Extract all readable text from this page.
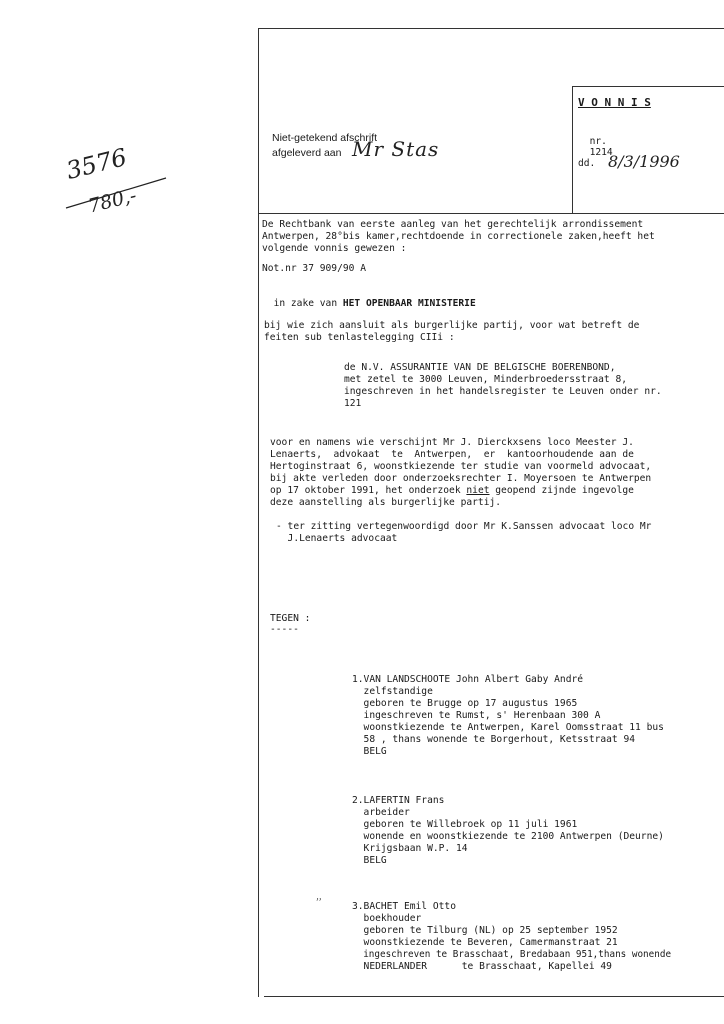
3576
780,-
Niet-getekend afschrift
afgeleverd aan Mr Stas
V O N N I S

nr.
1214

dd. 8/3/1996
De Rechtbank van eerste aanleg van het gerechtelijk arrondissement
Antwerpen, 28°bis kamer,rechtdoende in correctionele zaken,heeft het
volgende vonnis gewezen :
Not.nr 37 909/90 A

in zake van HET OPENBAAR MINISTERIE

bij wie zich aansluit als burgerlijke partij, voor wat betreft de
feiten sub tenlastelegging CIIi :
de N.V. ASSURANTIE VAN DE BELGISCHE BOERENBOND,
met zetel te 3000 Leuven, Minderbroedersstraat 8,
ingeschreven in het handelsregister te Leuven onder nr.
121
voor en namens wie verschijnt Mr J. Dierckxsens loco Meester J.
Lenaerts,  advokaat  te  Antwerpen,  er  kantoorhoudende aan de
Hertoginstraat 6, woonstkiezende ter studie van voormeld advocaat,
bij akte verleden door onderzoeksrechter I. Moyersoen te Antwerpen
op 17 oktober 1991, het onderzoek niet geopend zijnde ingevolge
deze aanstelling als burgerlijke partij.
- ter zitting vertegenwoordigd door Mr K.Sanssen advocaat loco Mr
J.Lenaerts advocaat
TEGEN :
-----
1.VAN LANDSCHOOTE John Albert Gaby André
zelfstandige
geboren te Brugge op 17 augustus 1965
ingeschreven te Rumst, s' Herenbaan 300 A
woonstkiezende te Antwerpen, Karel Oomsstraat 11 bus
58 , thans wonende te Borgerhout, Ketsstraat 94
BELG
2.LAFERTIN Frans
arbeider
geboren te Willebroek op 11 juli 1961
wonende en woonstkiezende te 2100 Antwerpen (Deurne)
Krijgsbaan W.P. 14
BELG
˒˒	3.BACHET Emil Otto
boekhouder
geboren te Tilburg (NL) op 25 september 1952
woonstkiezende te Beveren, Camermanstraat 21
ingeschreven te Brasschaat, Bredabaan 951,thans wonende
NEDERLANDER      te Brasschaat, Kapellei 49
